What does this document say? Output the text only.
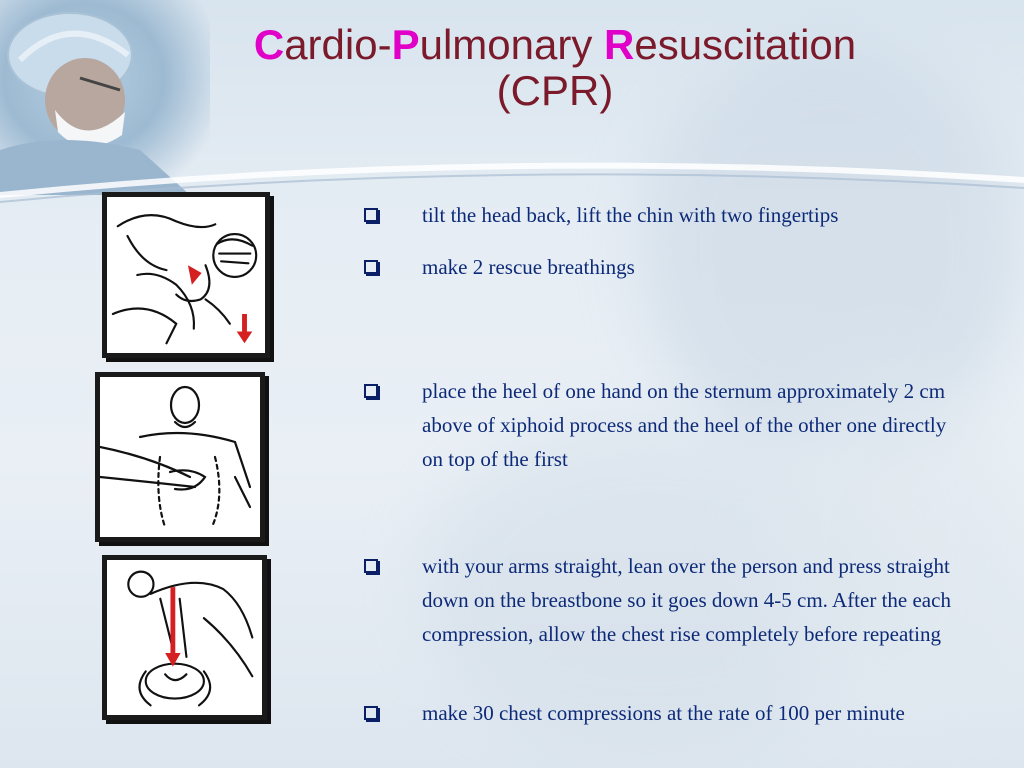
Cardio-Pulmonary Resuscitation
(CPR)
tilt the head back, lift the chin with two fingertips
make 2 rescue breathings
place the heel of one hand on the sternum approximately 2 cm above of xiphoid process and the heel of the other one directly on top of the first
with your arms straight, lean over the person and press straight down on the breastbone so it goes down 4-5 cm. After the each compression, allow the chest rise completely before repeating
make 30 chest compressions at the rate of 100 per minute
